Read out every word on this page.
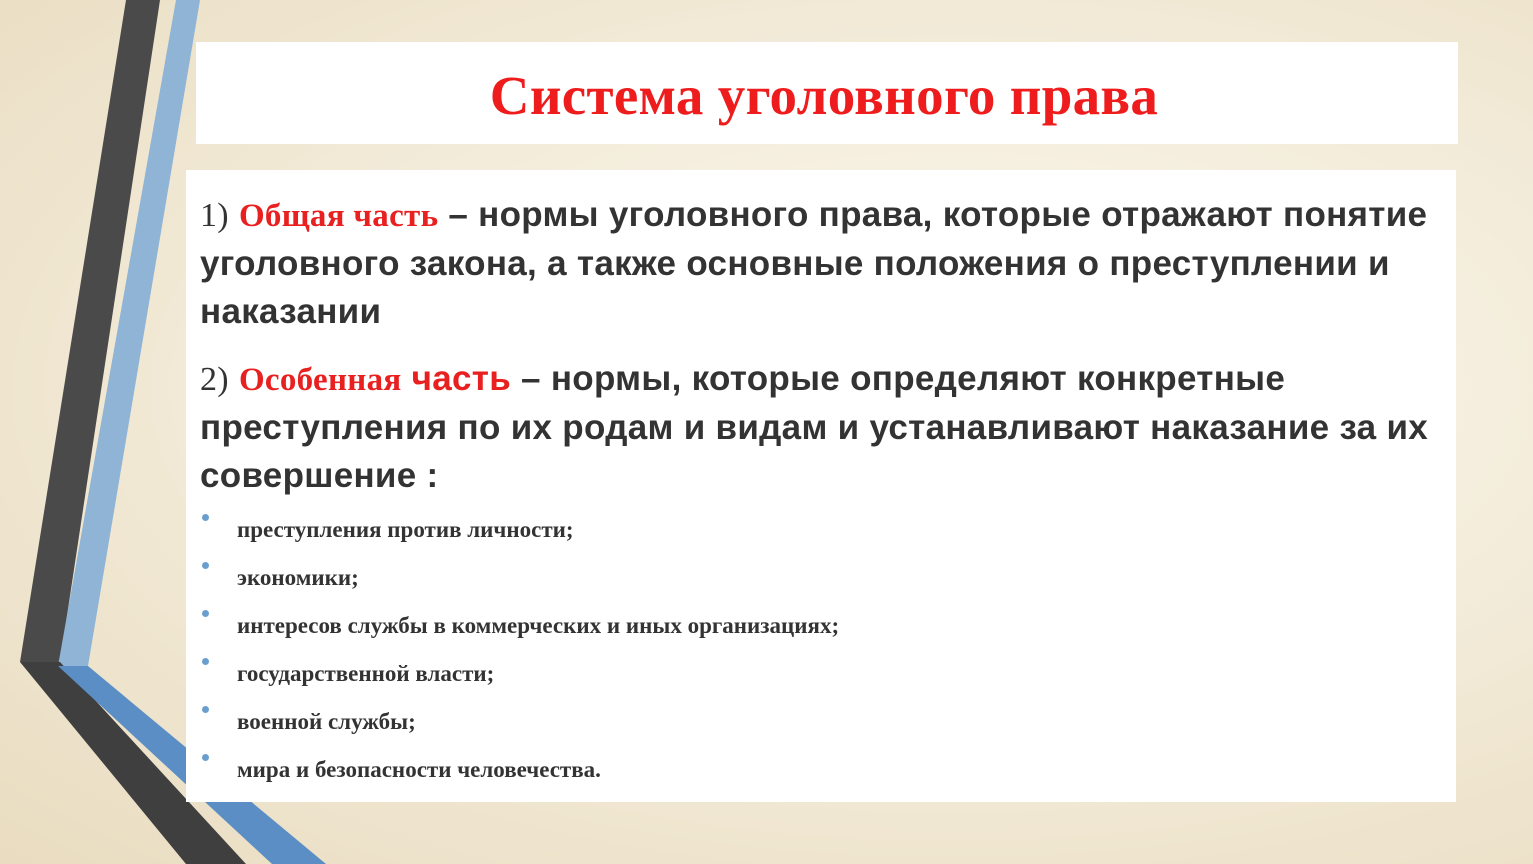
Система уголовного права

1) Общая часть – нормы уголовного права, которые отражают понятие уголовного закона, а также основные положения о преступлении и наказании

2) Особенная часть – нормы, которые определяют конкретные преступления по их родам и видам и устанавливают наказание за их совершение :

преступления против личности;
экономики;
интересов службы в коммерческих и иных организациях;
государственной власти;
военной службы;
мира и безопасности человечества.
